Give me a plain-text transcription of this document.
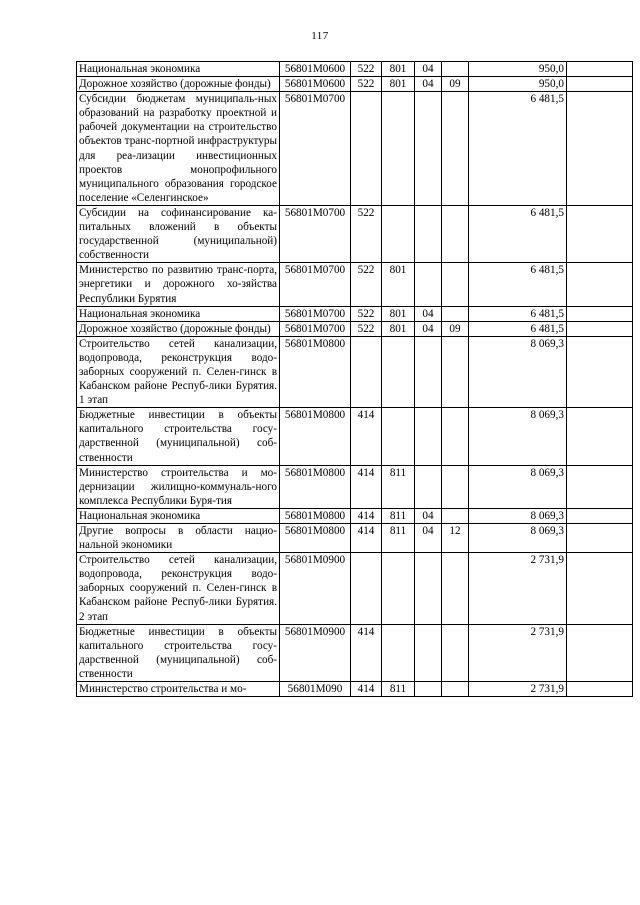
117
Национальная экономика	56801М0600	522	801	04		950,0	
Дорожное хозяйство (дорожные фонды)	56801М0600	522	801	04	09	950,0	
Субсидии бюджетам муниципаль-ных образований на разработку проектной и рабочей документации на строительство объектов транс-портной инфраструктуры для реа-лизации инвестиционных проектов монопрофильного муниципального образования городское поселение «Селенгинское»	56801М0700					6 481,5	
Субсидии на софинансирование ка-питальных вложений в объекты государственной (муниципальной) собственности	56801М0700	522				6 481,5	
Министерство по развитию транс-порта, энергетики и дорожного хо-зяйства Республики Бурятия	56801М0700	522	801			6 481,5	
Национальная экономика	56801М0700	522	801	04		6 481,5	
Дорожное хозяйство (дорожные фонды)	56801М0700	522	801	04	09	6 481,5	
Строительство сетей канализации, водопровода, реконструкция водо-заборных сооружений п. Селен-гинск в Кабанском районе Респуб-лики Бурятия. 1 этап	56801М0800					8 069,3	
Бюджетные инвестиции в объекты капитального строительства госу-дарственной (муниципальной) соб-ственности	56801М0800	414				8 069,3	
Министерство строительства и мо-дернизации жилищно-коммуналь-ного комплекса Республики Буря-тия	56801М0800	414	811			8 069,3	
Национальная экономика	56801М0800	414	811	04		8 069,3	
Другие вопросы в области нацио-нальной экономики	56801М0800	414	811	04	12	8 069,3	
Строительство сетей канализации, водопровода, реконструкция водо-заборных сооружений п. Селен-гинск в Кабанском районе Респуб-лики Бурятия. 2 этап	56801М0900					2 731,9	
Бюджетные инвестиции в объекты капитального строительства госу-дарственной (муниципальной) соб-ственности	56801М0900	414				2 731,9	
Министерство строительства и мо-	56801М090	414	811			2 731,9	
